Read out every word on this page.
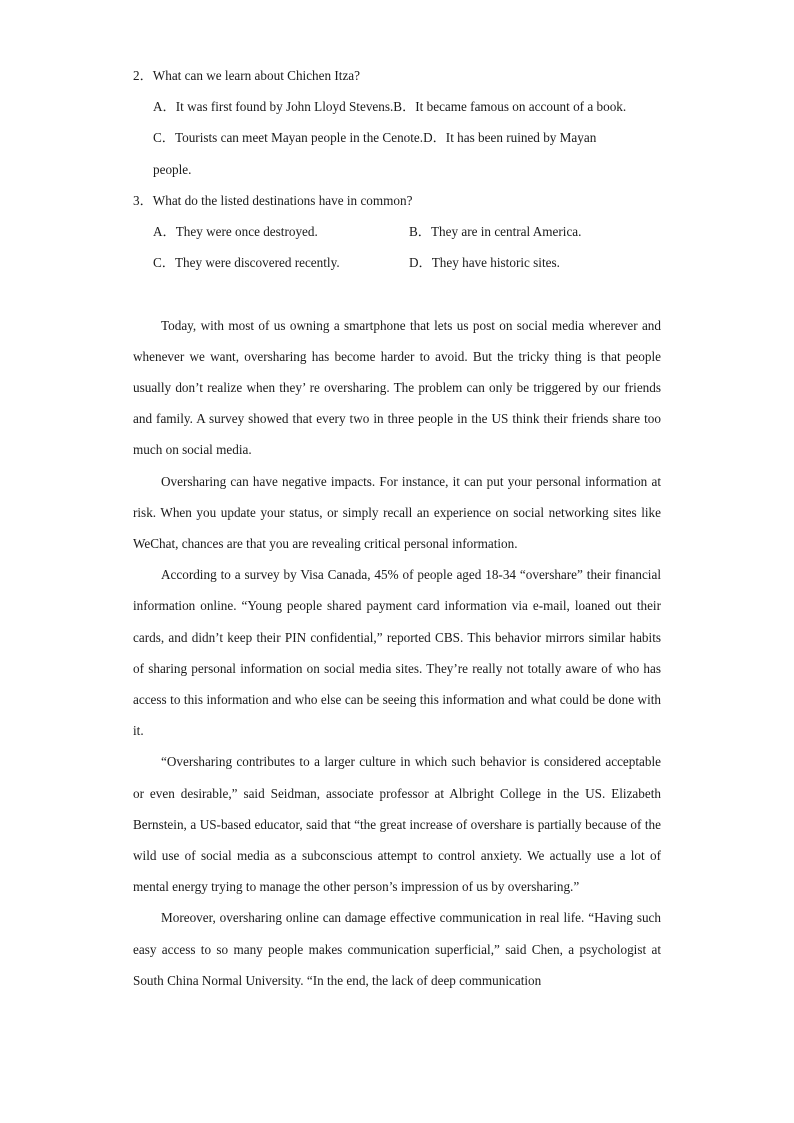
2．What can we learn about Chichen Itza?

A．It was first found by John Lloyd Stevens.B．It became famous on account of a book.

C．Tourists can meet Mayan people in the Cenote.D．It has been ruined by Mayan

people.

3．What do the listed destinations have in common?

A．They were once destroyed.	B．They are in central America.
C．They were discovered recently.	D．They have historic sites.

Today, with most of us owning a smartphone that lets us post on social media wherever and whenever we want, oversharing has become harder to avoid. But the tricky thing is that people usually don’t realize when they’ re oversharing. The problem can only be triggered by our friends and family. A survey showed that every two in three people in the US think their friends share too much on social media.

Oversharing can have negative impacts. For instance, it can put your personal information at risk. When you update your status, or simply recall an experience on social networking sites like WeChat, chances are that you are revealing critical personal information.

According to a survey by Visa Canada, 45% of people aged 18-34 “overshare” their financial information online. “Young people shared payment card information via e-mail, loaned out their cards, and didn’t keep their PIN confidential,” reported CBS. This behavior mirrors similar habits of sharing personal information on social media sites. They’re really not totally aware of who has access to this information and who else can be seeing this information and what could be done with it.

“Oversharing contributes to a larger culture in which such behavior is considered acceptable or even desirable,” said Seidman, associate professor at Albright College in the US. Elizabeth Bernstein, a US-based educator, said that “the great increase of overshare is partially because of the wild use of social media as a subconscious attempt to control anxiety. We actually use a lot of mental energy trying to manage the other person’s impression of us by oversharing.”

Moreover, oversharing online can damage effective communication in real life. “Having such easy access to so many people makes communication superficial,” said Chen, a psychologist at South China Normal University. “In the end, the lack of deep communication
